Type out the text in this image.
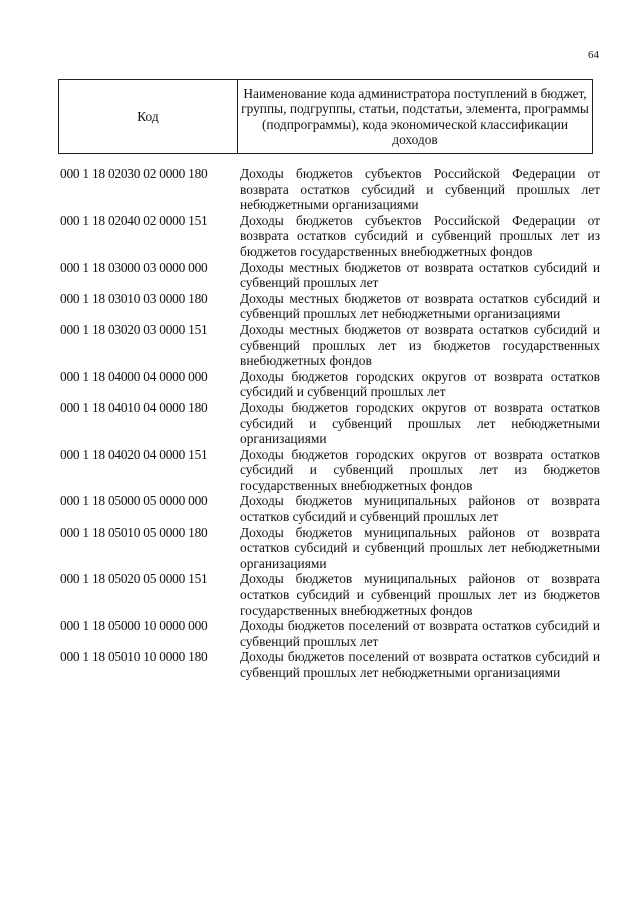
64
Код	Наименование кода администратора поступлений в бюджет, группы, подгруппы, статьи, подстатьи, элемента, программы (подпрограммы), кода экономической классификации доходов
000 1 18 02030 02 0000 180	Доходы бюджетов субъектов Российской Федерации от возврата остатков субсидий и субвенций прошлых лет небюджетными организациями
000 1 18 02040 02 0000 151	Доходы бюджетов субъектов Российской Федерации от возврата остатков субсидий и субвенций прошлых лет из бюджетов государственных внебюджетных фондов
000 1 18 03000 03 0000 000	Доходы местных бюджетов от возврата остатков субсидий и субвенций прошлых лет
000 1 18 03010 03 0000 180	Доходы местных бюджетов от возврата остатков субсидий и субвенций прошлых лет небюджетными организациями
000 1 18 03020 03 0000 151	Доходы местных бюджетов от возврата остатков субсидий и субвенций прошлых лет из бюджетов государственных внебюджетных фондов
000 1 18 04000 04 0000 000	Доходы бюджетов городских округов от возврата остатков субсидий и субвенций прошлых лет
000 1 18 04010 04 0000 180	Доходы бюджетов городских округов от возврата остатков субсидий и субвенций прошлых лет небюджетными организациями
000 1 18 04020 04 0000 151	Доходы бюджетов городских округов от возврата остатков субсидий и субвенций прошлых лет из бюджетов государственных внебюджетных фондов
000 1 18 05000 05 0000 000	Доходы бюджетов муниципальных районов от возврата остатков субсидий и субвенций прошлых лет
000 1 18 05010 05 0000 180	Доходы бюджетов муниципальных районов от возврата остатков субсидий и субвенций прошлых лет небюджетными организациями
000 1 18 05020 05 0000 151	Доходы бюджетов муниципальных районов от возврата остатков субсидий и субвенций прошлых лет из бюджетов государственных внебюджетных фондов
000 1 18 05000 10 0000 000	Доходы бюджетов поселений от возврата остатков субсидий и субвенций прошлых лет
000 1 18 05010 10 0000 180	Доходы бюджетов поселений от возврата остатков субсидий и субвенций прошлых лет небюджетными организациями
